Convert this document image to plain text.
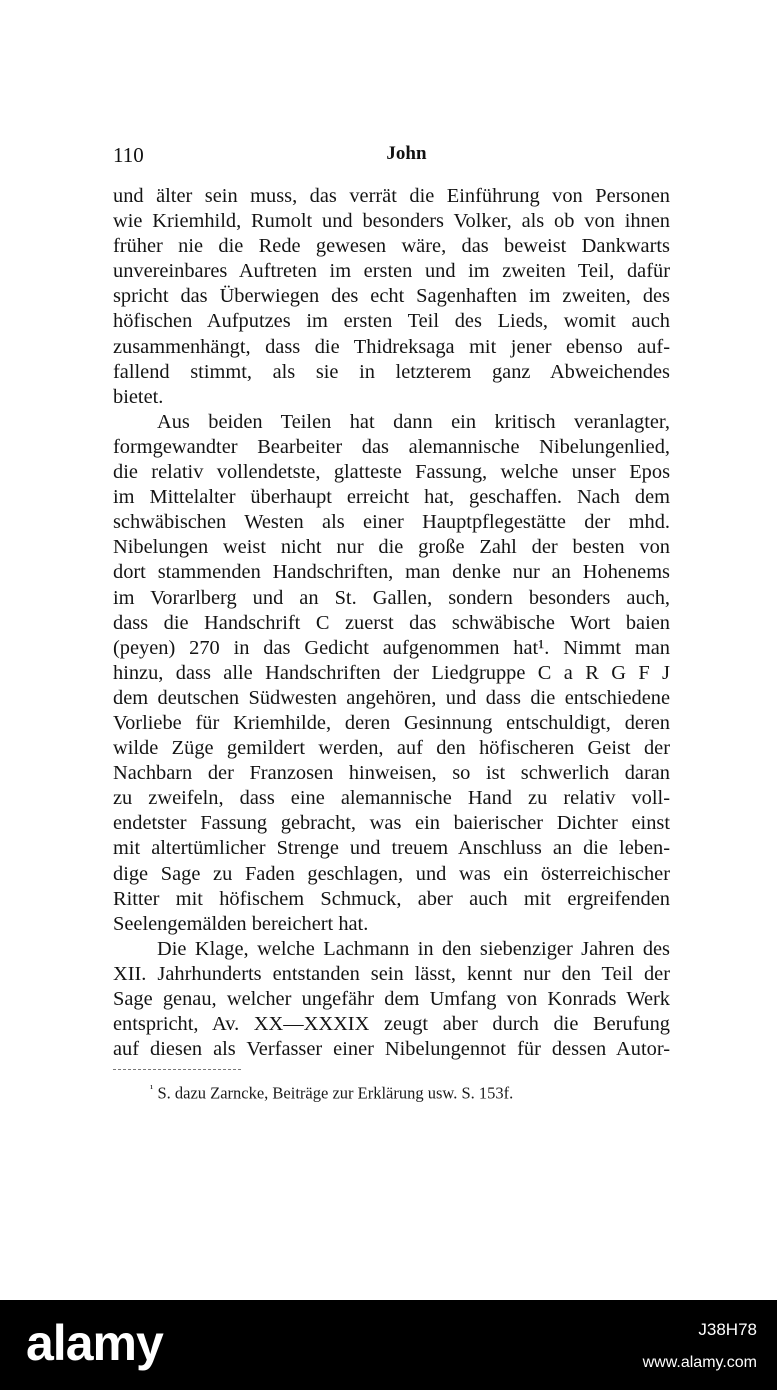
110	John
und älter sein muss, das verrät die Einführung von Personen
wie Kriemhild, Rumolt und besonders Volker, als ob von ihnen
früher nie die Rede gewesen wäre, das beweist Dankwarts
unvereinbares Auftreten im ersten und im zweiten Teil, dafür
spricht das Überwiegen des echt Sagenhaften im zweiten, des
höfischen Aufputzes im ersten Teil des Lieds, womit auch
zusammenhängt, dass die Thidreksaga mit jener ebenso auf-
fallend stimmt, als sie in letzterem ganz Abweichendes
bietet.
Aus beiden Teilen hat dann ein kritisch veranlagter,
formgewandter Bearbeiter das alemannische Nibelungenlied,
die relativ vollendetste, glatteste Fassung, welche unser Epos
im Mittelalter überhaupt erreicht hat, geschaffen. Nach dem
schwäbischen Westen als einer Hauptpflegestätte der mhd.
Nibelungen weist nicht nur die große Zahl der besten von
dort stammenden Handschriften, man denke nur an Hohenems
im Vorarlberg und an St. Gallen, sondern besonders auch,
dass die Handschrift C zuerst das schwäbische Wort baien
(peyen) 270 in das Gedicht aufgenommen hat¹. Nimmt man
hinzu, dass alle Handschriften der Liedgruppe C a R G F J
dem deutschen Südwesten angehören, und dass die entschiedene
Vorliebe für Kriemhilde, deren Gesinnung entschuldigt, deren
wilde Züge gemildert werden, auf den höfischeren Geist der
Nachbarn der Franzosen hinweisen, so ist schwerlich daran
zu zweifeln, dass eine alemannische Hand zu relativ voll-
endetster Fassung gebracht, was ein baierischer Dichter einst
mit altertümlicher Strenge und treuem Anschluss an die leben-
dige Sage zu Faden geschlagen, und was ein österreichischer
Ritter mit höfischem Schmuck, aber auch mit ergreifenden
Seelengemälden bereichert hat.
Die Klage, welche Lachmann in den siebenziger Jahren des
XII. Jahrhunderts entstanden sein lässt, kennt nur den Teil der
Sage genau, welcher ungefähr dem Umfang von Konrads Werk
entspricht, Av. XX—XXXIX zeugt aber durch die Berufung
auf diesen als Verfasser einer Nibelungennot für dessen Autor-
$^{^1}$ S. dazu Zarncke, Beiträge zur Erklärung usw. S. 153f.
alamy	J38H78
www.alamy.com
